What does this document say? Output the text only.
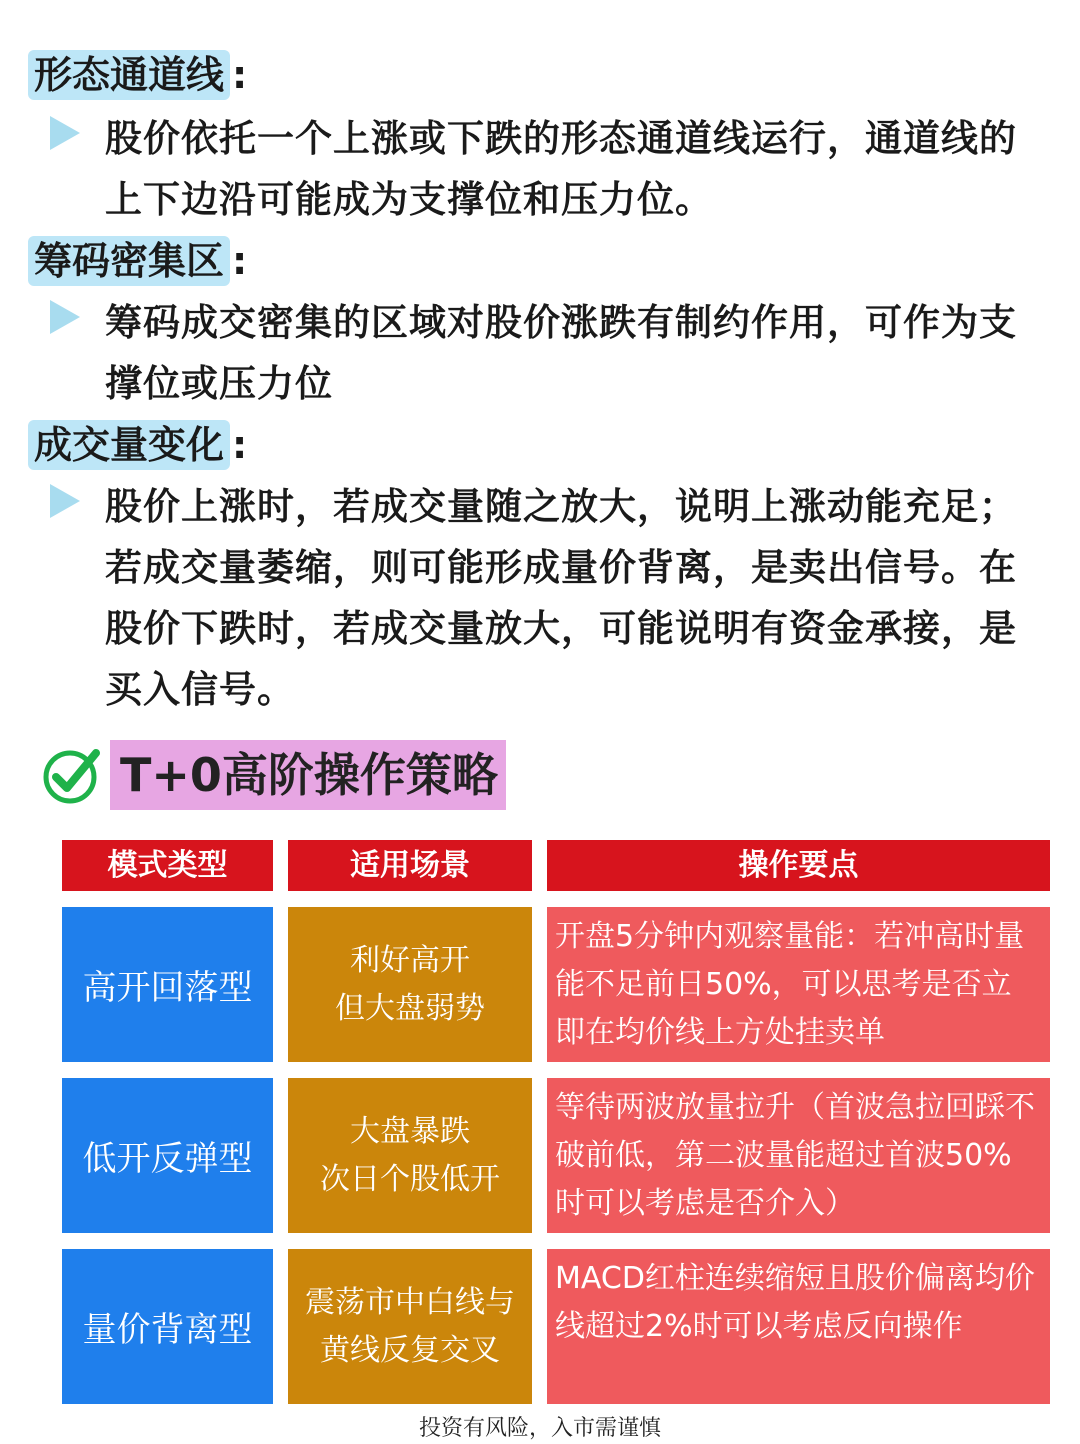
形态通道线 :
股价依托一个上涨或下跌的形态通道线运行，通道线的上下边沿可能成为支撑位和压力位。
筹码密集区 :
筹码成交密集的区域对股价涨跌有制约作用，可作为支撑位或压力位
成交量变化 :
股价上涨时，若成交量随之放大，说明上涨动能充足；若成交量萎缩，则可能形成量价背离，是卖出信号。在股价下跌时，若成交量放大，可能说明有资金承接，是买入信号。
T+0高阶操作策略
模式类型	适用场景	操作要点
高开回落型
利好高开
但大盘弱势
开盘5分钟内观察量能：若冲高时量能不足前日50%，可以思考是否立即在均价线上方处挂卖单
低开反弹型
大盘暴跌
次日个股低开
等待两波放量拉升（首波急拉回踩不破前低，第二波量能超过首波50%时可以考虑是否介入）
量价背离型
震荡市中白线与
黄线反复交叉
MACD红柱连续缩短且股价偏离均价线超过2%时可以考虑反向操作
投资有风险，入市需谨慎
